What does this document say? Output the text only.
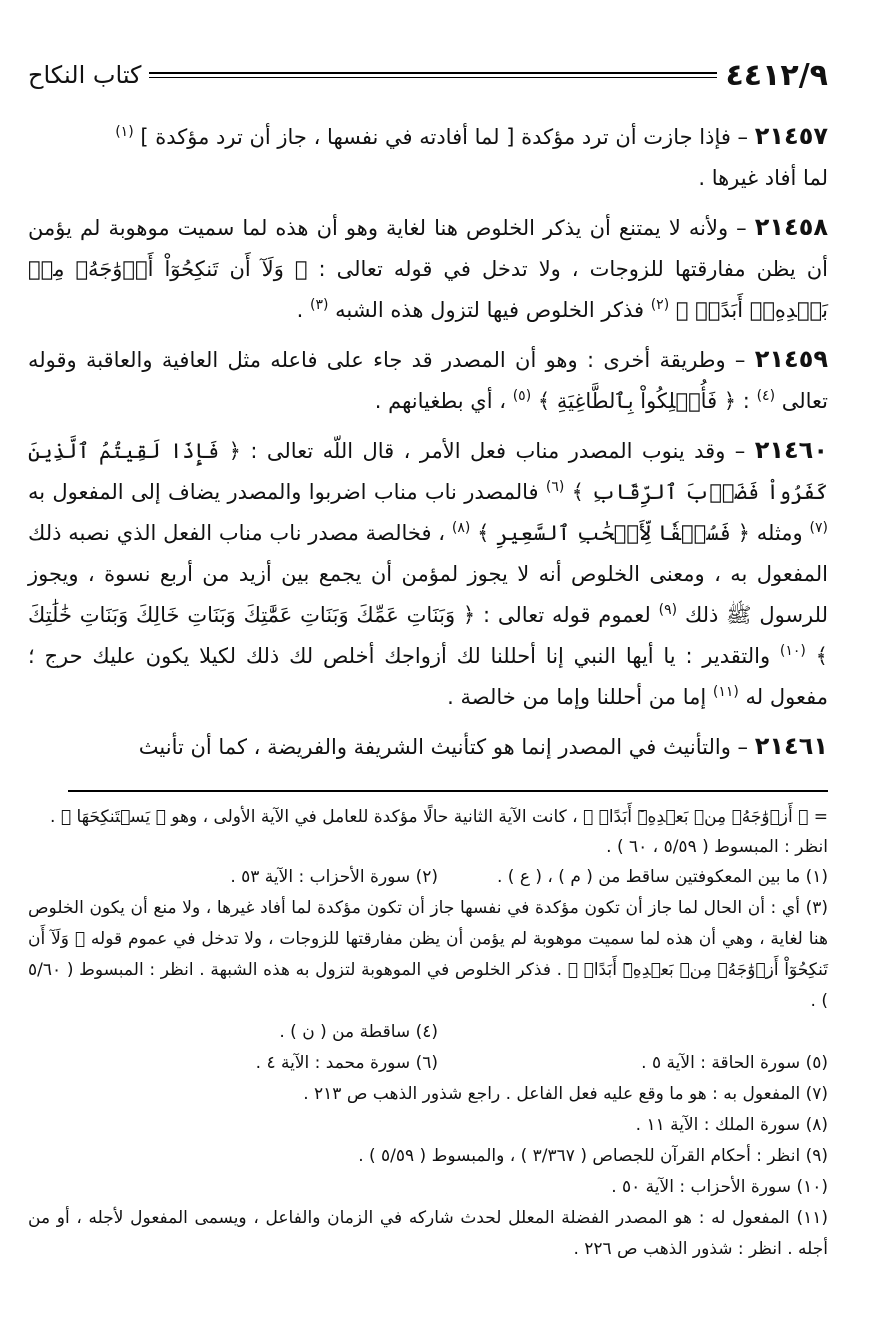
٤٤١٢/٩
كتاب النكاح

٢١٤٥٧ – فإذا جازت أن ترد مؤكدة [ لما أفادته في نفسها ، جاز أن ترد مؤكدة ] $^{(١)}$
لما أفاد غيرها .

٢١٤٥٨ – ولأنه لا يمتنع أن يذكر الخلوص هنا لغاية وهو أن هذه لما سميت موهوبة لم يؤمن أن يظن مفارقتها للزوجات ، ولا تدخل في قوله تعالى : ﴿ وَلَآ أَن تَنكِحُوٓاْ أَزۡوَٰجَهُۥ مِنۢ بَعۡدِهِۦٓ أَبَدًاۚ ﴾ $^{(٢)}$ فذكر الخلوص فيها لتزول هذه الشبه $^{(٣)}$ .

٢١٤٥٩ – وطريقة أخرى : وهو أن المصدر قد جاء على فاعله مثل العافية والعاقبة وقوله تعالى $^{(٤)}$ : ﴿ فَأُهۡلِكُواْ بِٱلطَّاغِيَةِ ﴾ $^{(٥)}$ ، أي بطغيانهم .

٢١٤٦٠ – وقد ينوب المصدر مناب فعل الأمر ، قال اللّه تعالى : ﴿ فَإِذَا لَقِيتُمُ ٱلَّذِينَ كَفَرُواْ فَضَرۡبَ ٱلرِّقَابِ ﴾ $^{(٦)}$ فالمصدر ناب مناب اضربوا والمصدر يضاف إلى المفعول به $^{(٧)}$ ومثله ﴿ فَسُحۡقٗا لِّأَصۡحَٰبِ ٱلسَّعِيرِ ﴾ $^{(٨)}$ ، فخالصة مصدر ناب مناب الفعل الذي نصبه ذلك المفعول به ، ومعنى الخلوص أنه لا يجوز لمؤمن أن يجمع بين أزيد من أربع نسوة ، ويجوز للرسول ﷺ ذلك $^{(٩)}$ لعموم قوله تعالى : ﴿ وَبَنَاتِ عَمِّكَ وَبَنَاتِ عَمَّٰتِكَ وَبَنَاتِ خَالِكَ وَبَنَاتِ خَٰلَٰتِكَ ﴾ $^{(١٠)}$ والتقدير : يا أيها النبي إنا أحللنا لك أزواجك أخلص لك ذلك لكيلا يكون عليك حرج ؛ مفعول له $^{(١١)}$ إما من أحللنا وإما من خالصة .

٢١٤٦١ – والتأنيث في المصدر إنما هو كتأنيث الشريفة والفريضة ، كما أن تأنيث

= ﴿ أَزۡوَٰجَهُۥ مِنۢ بَعۡدِهِۦٓ أَبَدًاۚ ﴾ ، كانت الآية الثانية حالًا مؤكدة للعامل في الآية الأولى ، وهو ﴿ يَسۡتَنكِحَهَا ﴾ . انظر : المبسوط ( ٥/٥٩ ، ٦٠ ) .

(١) ما بين المعكوفتين ساقط من ( م ) ، ( ع ) .
(٢) سورة الأحزاب : الآية ٥٣ .

(٣) أي : أن الحال لما جاز أن تكون مؤكدة في نفسها جاز أن تكون مؤكدة لما أفاد غيرها ، ولا منع أن يكون الخلوص هنا لغاية ، وهي أن هذه لما سميت موهوبة لم يؤمن أن يظن مفارقتها للزوجات ، ولا تدخل في عموم قوله ﴿ وَلَآ أَن تَنكِحُوٓاْ أَزۡوَٰجَهُۥ مِنۢ بَعۡدِهِۦٓ أَبَدًاۚ ﴾ . فذكر الخلوص في الموهوبة لتزول به هذه الشبهة . انظر : المبسوط ( ٥/٦٠ ) .

(٤) ساقطة من ( ن ) .
(٥) سورة الحاقة : الآية ٥ .
(٦) سورة محمد : الآية ٤ .

(٧) المفعول به : هو ما وقع عليه فعل الفاعل . راجع شذور الذهب ص ٢١٣ .

(٨) سورة الملك : الآية ١١ .

(٩) انظر : أحكام القرآن للجصاص ( ٣/٣٦٧ ) ، والمبسوط ( ٥/٥٩ ) .

(١٠) سورة الأحزاب : الآية ٥٠ .

(١١) المفعول له : هو المصدر الفضلة المعلل لحدث شاركه في الزمان والفاعل ، ويسمى المفعول لأجله ، أو من أجله . انظر : شذور الذهب ص ٢٢٦ .
